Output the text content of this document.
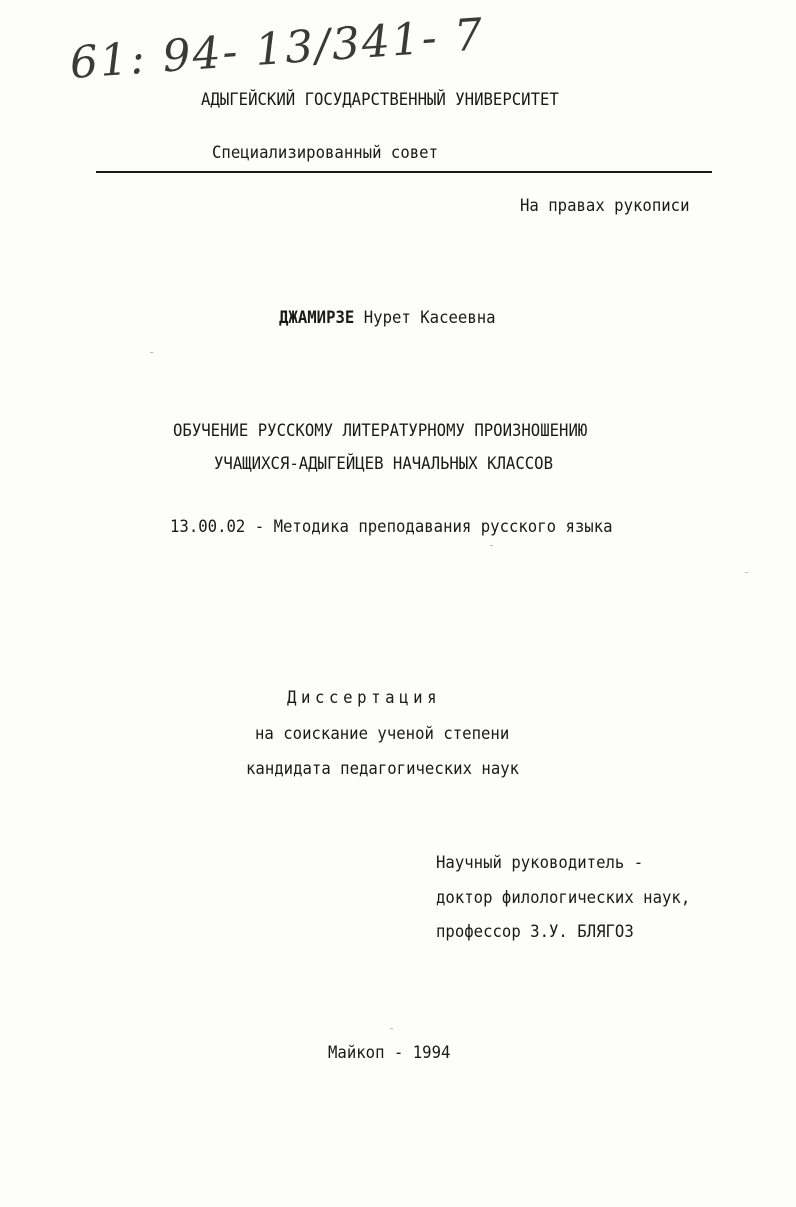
61: 94- 13/341- 7
АДЫГЕЙСКИЙ ГОСУДАРСТВЕННЫЙ УНИВЕРСИТЕТ
Специализированный совет
На правах рукописи
ДЖАМИРЗЕ Нурет Касеевна
ОБУЧЕНИЕ РУССКОМУ ЛИТЕРАТУРНОМУ ПРОИЗНОШЕНИЮ
УЧАЩИХСЯ-АДЫГЕЙЦЕВ НАЧАЛЬНЫХ КЛАССОВ
13.00.02 - Методика преподавания русского языка
Диссертация
на соискание ученой степени
кандидата педагогических наук
Научный руководитель -
доктор филологических наук,
профессор З.У. БЛЯГОЗ
Майкоп - 1994
